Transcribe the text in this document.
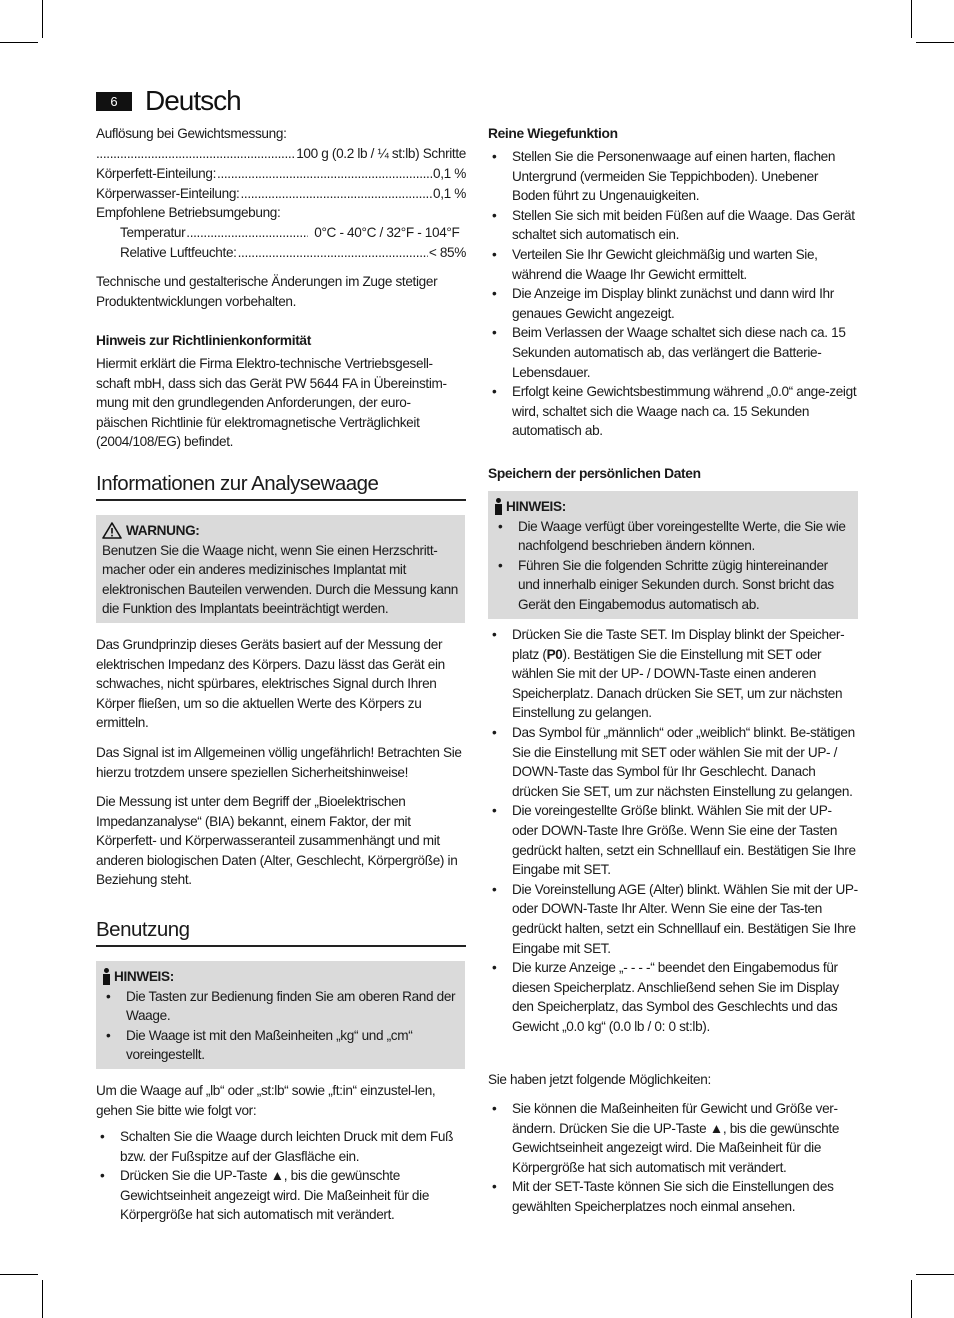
6 Deutsch

Auflösung bei Gewichtsmessung:

.....
100 g (0.2 lb / ¼ st:lb) Schritte
Körperfett-Einteilung: .....	0,1 %
Körperwasser-Einteilung: .....	0,1 %

Empfohlene Betriebsumgebung:

Temperatur .....	0°C - 40°C / 32°F - 104°F
Relative Luftfeuchte: .....	< 85%

Technische und gestalterische Änderungen im Zuge stetiger Produktentwicklungen vorbehalten.

Hinweis zur Richtlinienkonformität

Hiermit erklärt die Firma Elektro-technische Vertriebsgesell-schaft mbH, dass sich das Gerät PW 5644 FA in Übereinstim-mung mit den grundlegenden Anforderungen, der euro-päischen Richtlinie für elektromagnetische Verträglichkeit (2004/108/EG) befindet.

Informationen zur Analysewaage
WARNUNG:

Benutzen Sie die Waage nicht, wenn Sie einen Herzschritt-macher oder ein anderes medizinisches Implantat mit elektronischen Bauteilen verwenden. Durch die Messung kann die Funktion des Implantats beeinträchtigt werden.

Das Grundprinzip dieses Geräts basiert auf der Messung der elektrischen Impedanz des Körpers. Dazu lässt das Gerät ein schwaches, nicht spürbares, elektrisches Signal durch Ihren Körper fließen, um so die aktuellen Werte des Körpers zu ermitteln.

Das Signal ist im Allgemeinen völlig ungefährlich! Betrachten Sie hierzu trotzdem unsere speziellen Sicherheitshinweise!

Die Messung ist unter dem Begriff der „Bioelektrischen Impedanzanalyse“ (BIA) bekannt, einem Faktor, der mit Körperfett- und Körperwasseranteil zusammenhängt und mit anderen biologischen Daten (Alter, Geschlecht, Körpergröße) in Beziehung steht.

Benutzung
HINWEIS:

• Die Tasten zur Bedienung finden Sie am oberen Rand der Waage.

• Die Waage ist mit den Maßeinheiten „kg“ und „cm“ voreingestellt.

Um die Waage auf „lb“ oder „st:lb“ sowie „ft:in“ einzustel-len, gehen Sie bitte wie folgt vor:

• Schalten Sie die Waage durch leichten Druck mit dem Fuß bzw. der Fußspitze auf der Glasfläche ein.

• Drücken Sie die UP-Taste ▲, bis die gewünschte Gewichtseinheit angezeigt wird. Die Maßeinheit für die Körpergröße hat sich automatisch mit verändert.

Reine Wiegefunktion

• Stellen Sie die Personenwaage auf einen harten, flachen Untergrund (vermeiden Sie Teppichboden). Unebener Boden führt zu Ungenauigkeiten.

• Stellen Sie sich mit beiden Füßen auf die Waage. Das Gerät schaltet sich automatisch ein.

• Verteilen Sie Ihr Gewicht gleichmäßig und warten Sie, während die Waage Ihr Gewicht ermittelt.

• Die Anzeige im Display blinkt zunächst und dann wird Ihr genaues Gewicht angezeigt.

• Beim Verlassen der Waage schaltet sich diese nach ca. 15 Sekunden automatisch ab, das verlängert die Batterie-Lebensdauer.

• Erfolgt keine Gewichtsbestimmung während „0.0“ ange-zeigt wird, schaltet sich die Waage nach ca. 15 Sekunden automatisch ab.

Speichern der persönlichen Daten

HINWEIS:

• Die Waage verfügt über voreingestellte Werte, die Sie wie nachfolgend beschrieben ändern können.

• Führen Sie die folgenden Schritte zügig hintereinander und innerhalb einiger Sekunden durch. Sonst bricht das Gerät den Eingabemodus automatisch ab.

• Drücken Sie die Taste SET. Im Display blinkt der Speicher-platz (P0). Bestätigen Sie die Einstellung mit SET oder wählen Sie mit der UP- / DOWN-Taste einen anderen Speicherplatz. Danach drücken Sie SET, um zur nächsten Einstellung zu gelangen.

• Das Symbol für „männlich“ oder „weiblich“ blinkt. Be-stätigen Sie die Einstellung mit SET oder wählen Sie mit der UP- / DOWN-Taste das Symbol für Ihr Geschlecht. Danach drücken Sie SET, um zur nächsten Einstellung zu gelangen.

• Die voreingestellte Größe blinkt. Wählen Sie mit der UP- oder DOWN-Taste Ihre Größe. Wenn Sie eine der Tasten gedrückt halten, setzt ein Schnelllauf ein. Bestätigen Sie Ihre Eingabe mit SET.

• Die Voreinstellung AGE (Alter) blinkt. Wählen Sie mit der UP- oder DOWN-Taste Ihr Alter. Wenn Sie eine der Tas-ten gedrückt halten, setzt ein Schnelllauf ein. Bestätigen Sie Ihre Eingabe mit SET.

• Die kurze Anzeige „- - - -“ beendet den Eingabemodus für diesen Speicherplatz. Anschließend sehen Sie im Display den Speicherplatz, das Symbol des Geschlechts und das Gewicht „0.0 kg“ (0.0 lb / 0: 0 st:lb).

Sie haben jetzt folgende Möglichkeiten:

• Sie können die Maßeinheiten für Gewicht und Größe ver-ändern. Drücken Sie die UP-Taste ▲, bis die gewünschte Gewichtseinheit angezeigt wird. Die Maßeinheit für die Körpergröße hat sich automatisch mit verändert.

• Mit der SET-Taste können Sie sich die Einstellungen des gewählten Speicherplatzes noch einmal ansehen.
